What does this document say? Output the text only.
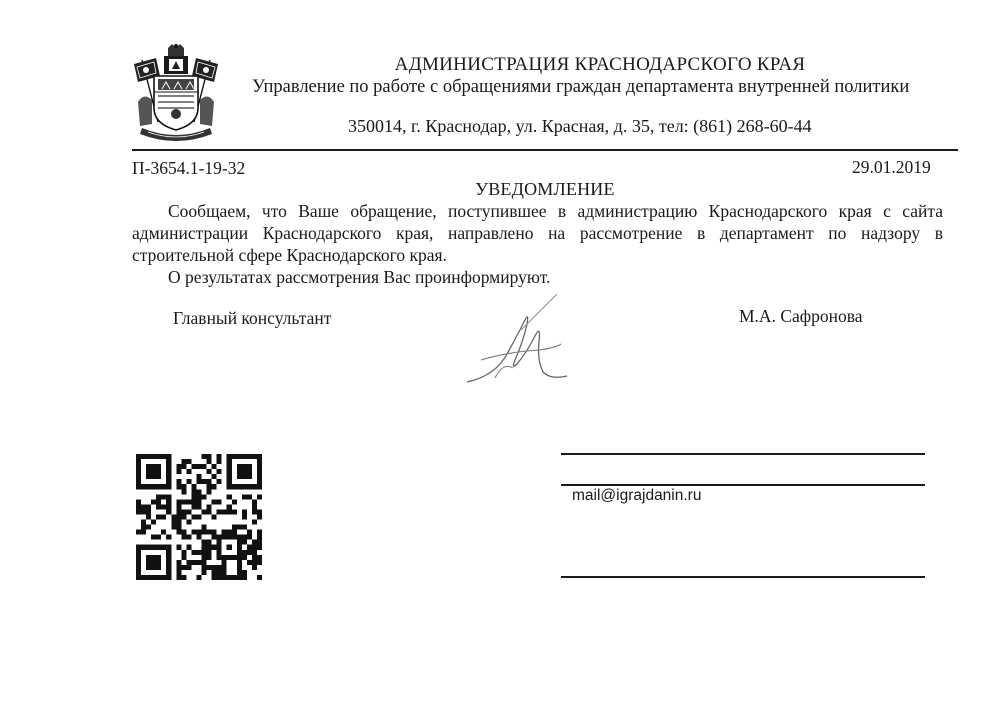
АДМИНИСТРАЦИЯ КРАСНОДАРСКОГО КРАЯ
Управление по работе с обращениями граждан департамента внутренней политики
350014, г. Краснодар, ул. Красная, д. 35, тел: (861) 268-60-44
П-3654.1-19-32	29.01.2019
УВЕДОМЛЕНИЕ

Сообщаем, что Ваше обращение, поступившее в администрацию Краснодарского края с сайта администрации Краснодарского края, направлено на рассмотрение в департамент по надзору в строительной сфере Краснодарского края.

О результатах рассмотрения Вас проинформируют.

Главный консультант	М.А. Сафронова
mail@igrajdanin.ru
